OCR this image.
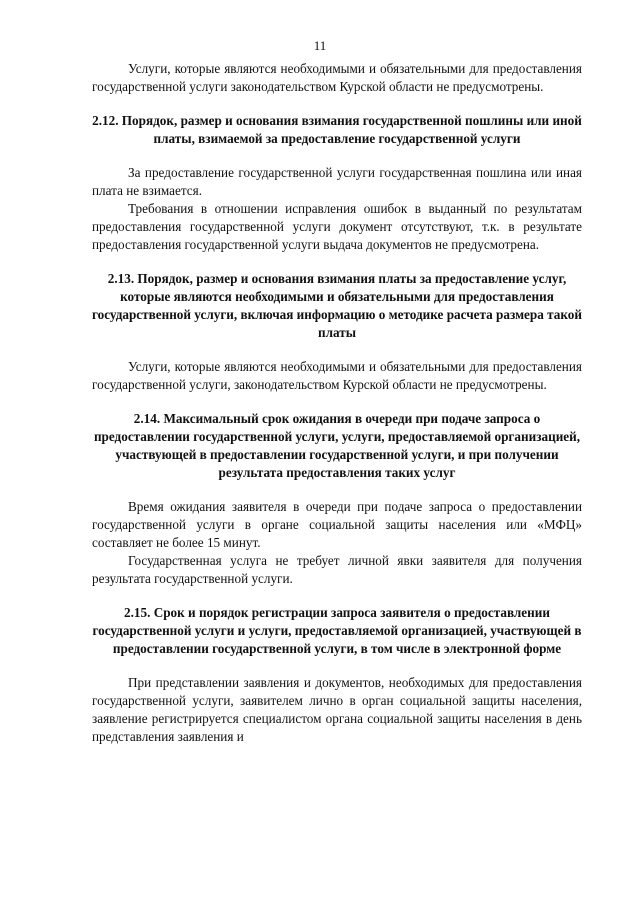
11

Услуги, которые являются необходимыми и обязательными для предоставления государственной услуги законодательством Курской области не предусмотрены.

2.12. Порядок, размер и основания взимания государственной пошлины или иной платы, взимаемой за предоставление государственной услуги

За предоставление государственной услуги государственная пошлина или иная плата не взимается.

Требования в отношении исправления ошибок в выданный по результатам предоставления государственной услуги документ отсутствуют, т.к. в результате предоставления государственной услуги выдача документов не предусмотрена.

2.13. Порядок, размер и основания взимания платы за предоставление услуг, которые являются необходимыми и обязательными для предоставления государственной услуги, включая информацию о методике расчета размера такой платы

Услуги, которые являются необходимыми и обязательными для предоставления государственной услуги, законодательством Курской области не предусмотрены.

2.14. Максимальный срок ожидания в очереди при подаче запроса о предоставлении государственной услуги, услуги, предоставляемой организацией, участвующей в предоставлении государственной услуги, и при получении результата предоставления таких услуг

Время ожидания заявителя в очереди при подаче запроса о предоставлении государственной услуги в органе социальной защиты населения или «МФЦ» составляет не более 15 минут.

Государственная услуга не требует личной явки заявителя для получения результата государственной услуги.

2.15. Срок и порядок регистрации запроса заявителя о предоставлении государственной услуги и услуги, предоставляемой организацией, участвующей в предоставлении государственной услуги, в том числе в электронной форме

При представлении заявления и документов, необходимых для предоставления государственной услуги, заявителем лично в орган социальной защиты населения, заявление регистрируется специалистом органа социальной защиты населения в день представления заявления и
